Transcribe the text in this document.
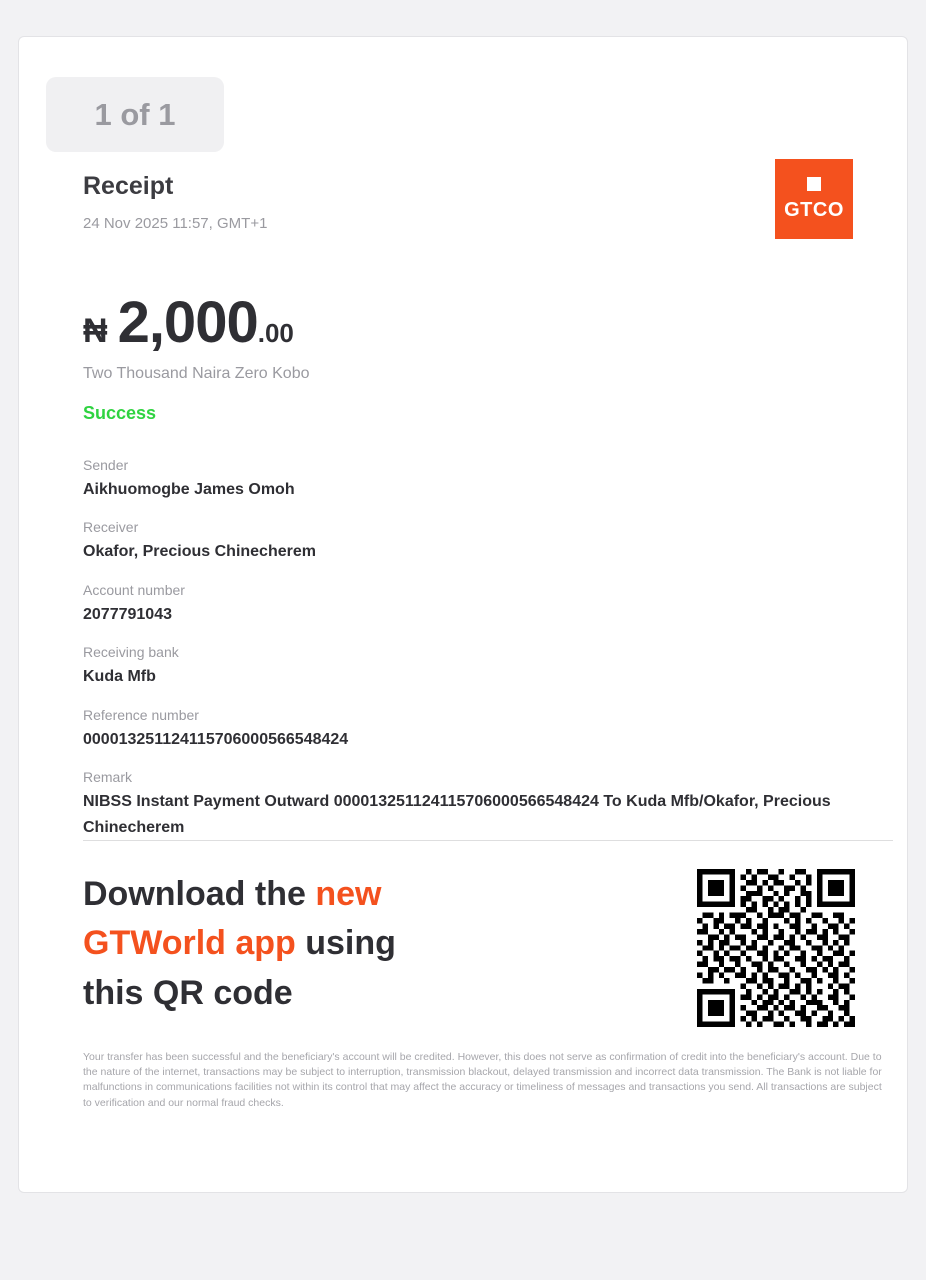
Receipt
24 Nov 2025 11:57, GMT+1
GTCO
₦ 2,000 .00
Two Thousand Naira Zero Kobo
Success
Sender
Aikhuomogbe James Omoh
Receiver
Okafor, Precious Chinecherem
Account number
2077791043
Receiving bank
Kuda Mfb
Reference number
000013251124115706000566548424
Remark
NIBSS Instant Payment Outward 000013251124115706000566548424 To Kuda Mfb/Okafor, Precious Chinecherem
Download the new
GTWorld app using
this QR code
Your transfer has been successful and the beneficiary's account will be credited. However, this does not serve as confirmation of credit into the beneficiary's account. Due to the nature of the internet, transactions may be subject to interruption, transmission blackout, delayed transmission and incorrect data transmission. The Bank is not liable for malfunctions in communications facilities not within its control that may affect the accuracy or timeliness of messages and transactions you send. All transactions are subject to verification and our normal fraud checks.
1 of 1
